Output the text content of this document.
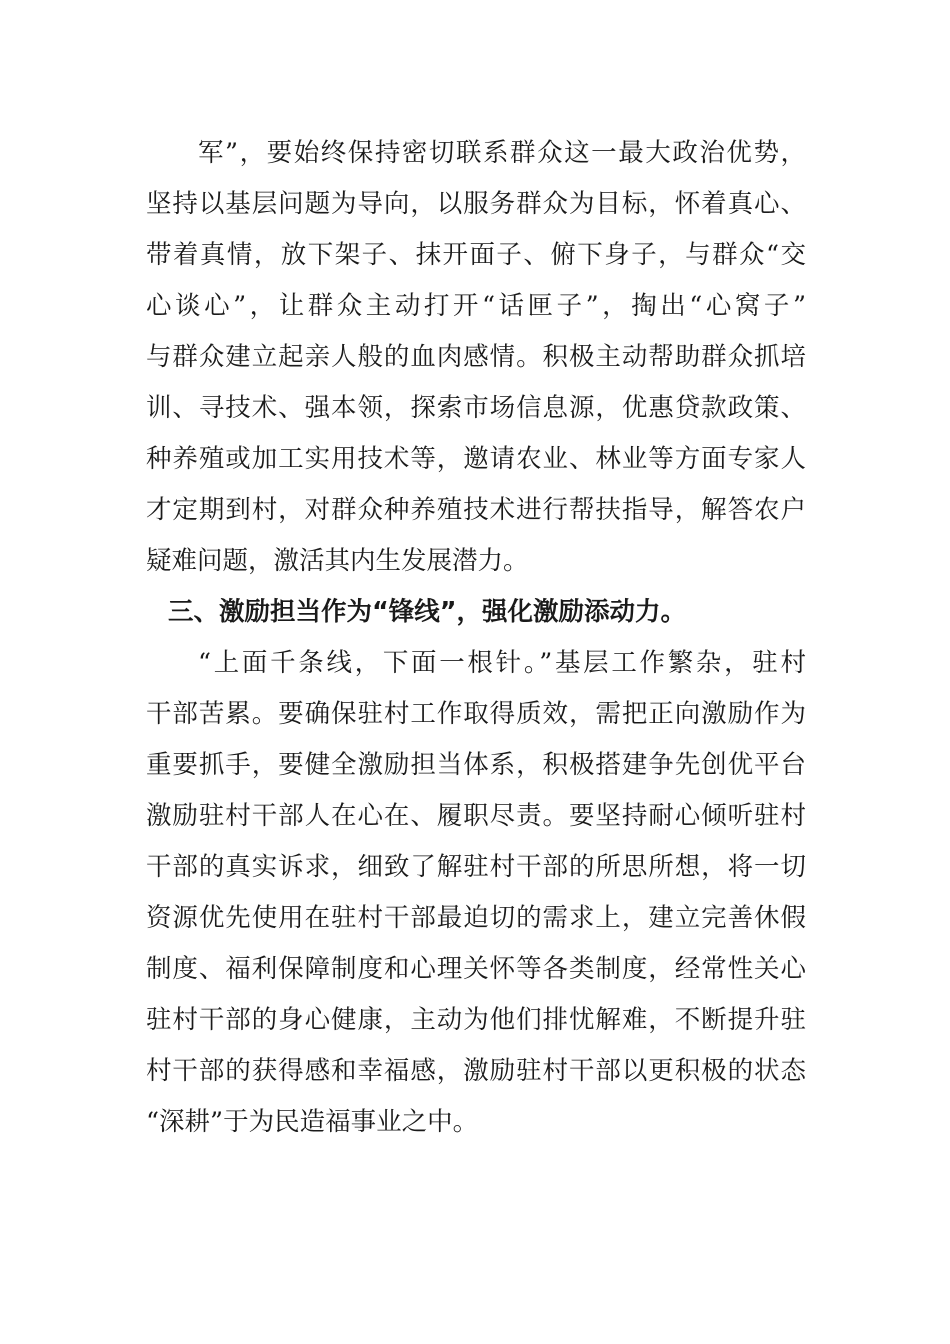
军”，要始终保持密切联系群众这一最大政治优势，
坚持以基层问题为导向，以服务群众为目标，怀着真心、
带着真情，放下架子、抹开面子、俯下身子，与群众“交
心谈心”，让群众主动打开“话匣子”，掏出“心窝子”
与群众建立起亲人般的血肉感情。积极主动帮助群众抓培
训、寻技术、强本领，探索市场信息源，优惠贷款政策、
种养殖或加工实用技术等，邀请农业、林业等方面专家人
才定期到村，对群众种养殖技术进行帮扶指导，解答农户
疑难问题，激活其内生发展潜力。
三、激励担当作为“锋线”，强化激励添动力。
“上面千条线，下面一根针。”基层工作繁杂，驻村
干部苦累。要确保驻村工作取得质效，需把正向激励作为
重要抓手，要健全激励担当体系，积极搭建争先创优平台
激励驻村干部人在心在、履职尽责。要坚持耐心倾听驻村
干部的真实诉求，细致了解驻村干部的所思所想，将一切
资源优先使用在驻村干部最迫切的需求上，建立完善休假
制度、福利保障制度和心理关怀等各类制度，经常性关心
驻村干部的身心健康，主动为他们排忧解难，不断提升驻
村干部的获得感和幸福感，激励驻村干部以更积极的状态
“深耕”于为民造福事业之中。
